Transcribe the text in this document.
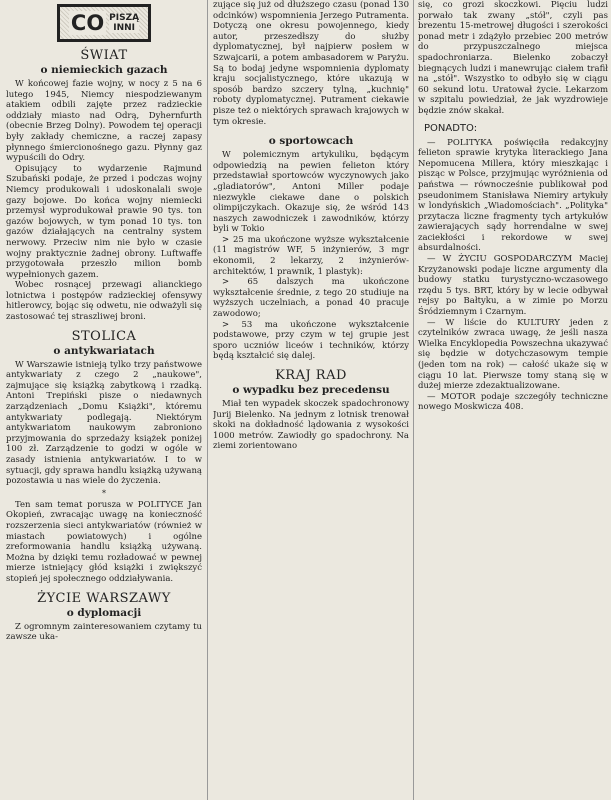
CO PISZĄ
INNI
ŚWIAT
o niemieckich gazach

W końcowej fazie wojny, w nocy z 5 na 6 lutego 1945, Niemcy niespodziewanym atakiem odbili zajęte przez radzieckie oddziały miasto nad Odrą, Dyhernfurth (obecnie Brzeg Dolny). Powodem tej operacji były zakłady chemiczne, a raczej zapasy płynnego śmiercionośnego gazu. Płynny gaz wypuścili do Odry.

Opisujący to wydarzenie Rajmund Szubański podaje, że przed i podczas wojny Niemcy produkowali i udoskonalali swoje gazy bojowe. Do końca wojny niemiecki przemysł wyprodukował prawie 90 tys. ton gazów bojowych, w tym ponad 10 tys. ton gazów działających na centralny system nerwowy. Przeciw nim nie było w czasie wojny praktycznie żadnej obrony. Luftwaffe przygotowała przeszło milion bomb wypełnionych gazem.

Wobec rosnącej przewagi alianckiego lotnictwa i postępów radzieckiej ofensywy hitlerowcy, bojąc się odwetu, nie odważyli się zastosować tej straszliwej broni.

STOLICA
o antykwariatach

W Warszawie istnieją tylko trzy państwowe antykwariaty z czego 2 „naukowe", zajmujące się książką zabytkową i rzadką. Antoni Trepiński pisze o niedawnych zarządzeniach „Domu Książki", któremu antykwariaty podlegają. Niektórym antykwariatom naukowym zabroniono przyjmowania do sprzedaży książek poniżej 100 zł. Zarządzenie to godzi w ogóle w zasady istnienia antykwariatów. I to w sytuacji, gdy sprawa handlu książką używaną pozostawia u nas wiele do życzenia.

*

Ten sam temat porusza w POLITYCE Jan Okopień, zwracając uwagę na konieczność rozszerzenia sieci antykwariatów (również w miastach powiatowych) i ogólne zreformowania handlu książką używaną. Można by dzięki temu rozładować w pewnej mierze istniejący głód książki i zwiększyć stopień jej społecznego oddziaływania.

ŻYCIE WARSZAWY
o dyplomacji

Z ogromnym zainteresowaniem czytamy tu zawsze uka-

zujące się już od dłuższego czasu (ponad 130 odcinków) wspomnienia Jerzego Putramenta. Dotyczą one okresu powojennego, kiedy autor, przeszedłszy do służby dyplomatycznej, był najpierw posłem w Szwajcarii, a potem ambasadorem w Paryżu. Są to bodaj jedyne wspomnienia dyplomaty kraju socjalistycznego, które ukazują w sposób bardzo szczery tylną, „kuchnię" roboty dyplomatycznej. Putrament ciekawie pisze też o niektórych sprawach krajowych w tym okresie.

o sportowcach

W polemicznym artykuliku, będącym odpowiedzią na pewien felieton który przedstawiał sportowców wyczynowych jako „gladiatorów", Antoni Miller podaje niezwykle ciekawe dane o polskich olimpijczykach. Okazuje się, że wśród 143 naszych zawodniczek i zawodników, którzy byli w Tokio

> 25 ma ukończone wyższe wykształcenie (11 magistrów WF, 5 inżynierów, 3 mgr ekonomii, 2 lekarzy, 2 inżynierów-architektów, 1 prawnik, 1 plastyk):

> 65 dalszych ma ukończone wykształcenie średnie, z tego 20 studiuje na wyższych uczelniach, a ponad 40 pracuje zawodowo;

> 53 ma ukończone wykształcenie podstawowe, przy czym w tej grupie jest sporo uczniów liceów i techników, którzy będą kształcić się dalej.

KRAJ RAD
o wypadku bez precedensu

Miał ten wypadek skoczek spadochronowy Jurij Bielenko. Na jednym z lotnisk trenował skoki na dokładność lądowania z wysokości 1000 metrów. Zawiodły go spadochrony. Na ziemi zorientowano

się, co grozi skoczkowi. Pięciu ludzi porwało tak zwany „stół", czyli pas brezentu 15-metrowej długości i szerokości ponad metr i zdążyło przebiec 200 metrów do przypuszczalnego miejsca spadochroniarza. Bielenko zobaczył biegnących ludzi i manewrując ciałem trafił na „stół". Wszystko to odbyło się w ciągu 60 sekund lotu. Uratował życie. Lekarzom w szpitalu powiedział, że jak wyzdrowieje będzie znów skakał.

PONADTO:

— POLITYKA poświęciła redakcyjny felieton sprawie krytyka literackiego Jana Nepomucena Millera, który mieszkając i pisząc w Polsce, przyjmując wyróżnienia od państwa — równocześnie publikował pod pseudonimem Stanisława Niemiry artykuły w londyńskich „Wiadomościach". „Polityka" przytacza liczne fragmenty tych artykułów zawierających sądy horrendalne w swej zaciekłości i rekordowe w swej absurdalności.

— W ŻYCIU GOSPODARCZYM Maciej Krzyżanowski podaje liczne argumenty dla budowy statku turystyczno-wczasowego rzędu 5 tys. BRT, który by w lecie odbywał rejsy po Bałtyku, a w zimie po Morzu Śródziemnym i Czarnym.

— W liście do KULTURY jeden z czytelników zwraca uwagę, że jeśli nasza Wielka Encyklopedia Powszechna ukazywać się będzie w dotychczasowym tempie (jeden tom na rok) — całość ukaże się w ciągu 10 lat. Pierwsze tomy staną się w dużej mierze zdezaktualizowane.

— MOTOR podaje szczegóły techniczne nowego Moskwicza 408.
